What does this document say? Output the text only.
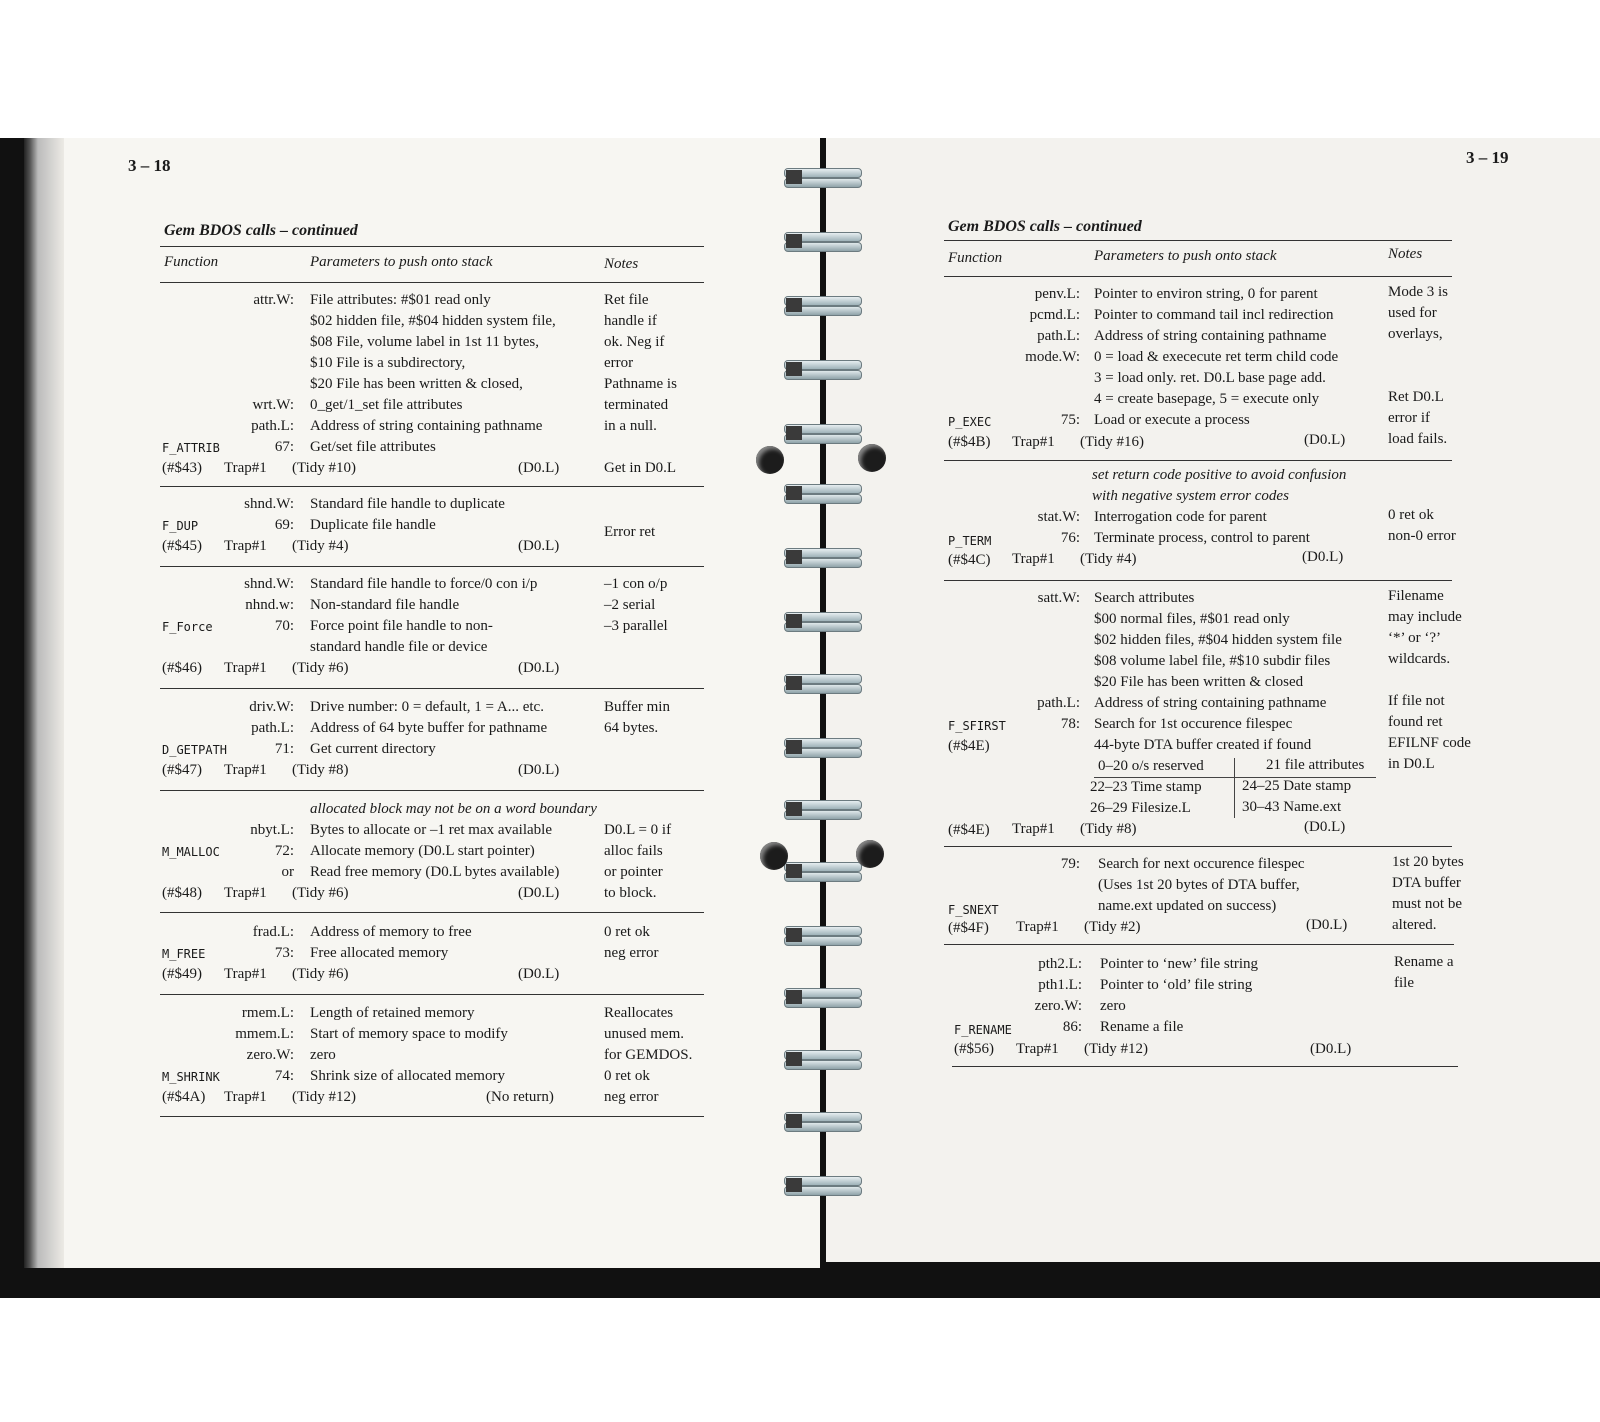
3 – 18
Gem BDOS calls – continued
Function	Parameters to push onto stack	Notes
attr.W: File attributes: #$01 read only	Ret file
$02 hidden file, #$04 hidden system file,	handle if
$08 File, volume label in 1st 11 bytes,	ok. Neg if
$10 File is a subdirectory,	error
$20 File has been written & closed,	Pathname is
wrt.W: 0_get/1_set file attributes	terminated
path.L: Address of string containing pathname	in a null.
F_ATTRIB	67: Get/set file attributes
(#$43) Trap#1 (Tidy #10)	(D0.L)	Get in D0.L
shnd.W: Standard file handle to duplicate
F_DUP	69: Duplicate file handle	Error ret
(#$45) Trap#1 (Tidy #4)	(D0.L)
shnd.W: Standard file handle to force/0 con i/p	–1 con o/p
nhnd.w: Non-standard file handle	–2 serial
F_Force	70: Force point file handle to non-	–3 parallel
standard handle file or device
(#$46) Trap#1 (Tidy #6)	(D0.L)
driv.W: Drive number: 0 = default, 1 = A... etc.	Buffer min
path.L: Address of 64 byte buffer for pathname	64 bytes.
D_GETPATH	71: Get current directory
(#$47) Trap#1 (Tidy #8)	(D0.L)
allocated block may not be on a word boundary
nbyt.L: Bytes to allocate or –1 ret max available	D0.L = 0 if
M_MALLOC	72: Allocate memory (D0.L start pointer)	alloc fails
or Read free memory (D0.L bytes available)	or pointer
(#$48) Trap#1 (Tidy #6)	(D0.L)	to block.
frad.L: Address of memory to free	0 ret ok
M_FREE	73: Free allocated memory	neg error
(#$49) Trap#1 (Tidy #6)	(D0.L)
rmem.L: Length of retained memory	Reallocates
mmem.L: Start of memory space to modify	unused mem.
zero.W: zero	for GEMDOS.
M_SHRINK	74: Shrink size of allocated memory	0 ret ok
(#$4A) Trap#1 (Tidy #12)	(No return)	neg error
3 – 19
Gem BDOS calls – continued
Function	Parameters to push onto stack	Notes
penv.L: Pointer to environ string, 0 for parent	Mode 3 is
pcmd.L: Pointer to command tail incl redirection	used for
path.L: Address of string containing pathname	overlays,
mode.W: 0 = load & exececute ret term child code
3 = load only. ret. D0.L base page add.
4 = create basepage, 5 = execute only	Ret D0.L
P_EXEC	75: Load or execute a process	error if
(#$4B) Trap#1 (Tidy #16)	(D0.L)	load fails.
set return code positive to avoid confusion
with negative system error codes
stat.W: Interrogation code for parent	0 ret ok
P_TERM	76: Terminate process, control to parent	non-0 error
(#$4C) Trap#1 (Tidy #4)	(D0.L)
satt.W: Search attributes	Filename
$00 normal files, #$01 read only	may include
$02 hidden files, #$04 hidden system file	‘*’ or ‘?’
$08 volume label file, #$10 subdir files	wildcards.
$20 File has been written & closed
path.L: Address of string containing pathname	If file not
F_SFIRST	78: Search for 1st occurence filespec	found ret
(#$4E)	44-byte DTA buffer created if found	EFILNF code
0–20 o/s reserved	21 file attributes
22–23 Time stamp	24–25 Date stamp
26–29 Filesize.L	30–43 Name.ext
in D0.L
(#$4E) Trap#1 (Tidy #8)	(D0.L)
79: Search for next occurence filespec	1st 20 bytes
(Uses 1st 20 bytes of DTA buffer,	DTA buffer
name.ext updated on success)	must not be
F_SNEXT
(#$4F) Trap#1 (Tidy #2)	(D0.L)	altered.
pth2.L: Pointer to ‘new’ file string	Rename a
pth1.L: Pointer to ‘old’ file string	file
zero.W: zero
F_RENAME	86: Rename a file
(#$56) Trap#1 (Tidy #12)	(D0.L)
